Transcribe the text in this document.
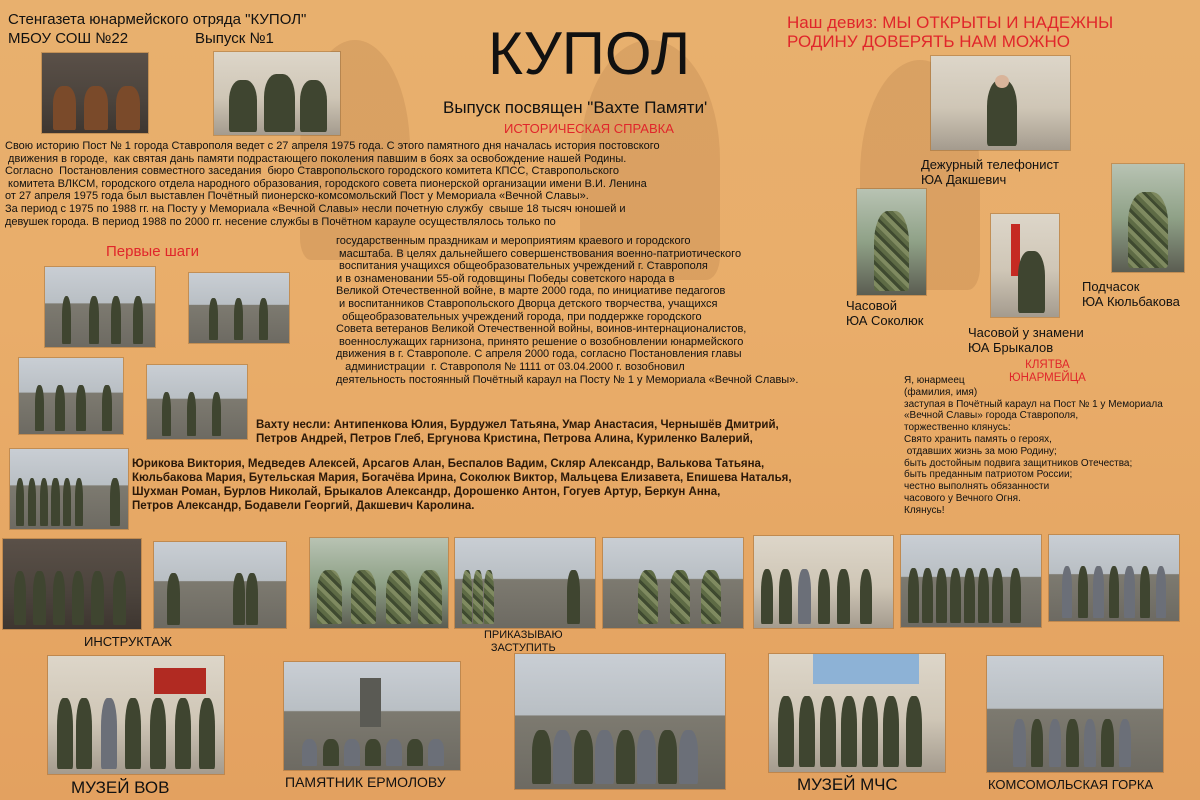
Стенгазета юнармейского отряда "КУПОЛ"
МБОУ СОШ №22	Выпуск №1	КУПОЛ	Наш девиз: МЫ ОТКРЫТЫ И НАДЕЖНЫ
РОДИНУ ДОВЕРЯТЬ НАМ МОЖНО
Выпуск посвящен "Вахте Памяти'
ИСТОРИЧЕСКАЯ СПРАВКА
Свою историю Пост № 1 города Ставрополя ведет с 27 апреля 1975 года. С этого памятного дня началась история постовского
движения в городе,  как святая дань памяти подрастающего поколения павшим в боях за освобождение нашей Родины.
Согласно  Постановления совместного заседания  бюро Ставропольского городского комитета КПСС, Ставропольского
комитета ВЛКСМ, городского отдела народного образования, городского совета пионерской организации имени В.И. Ленина
от 27 апреля 1975 года был выставлен Почётный пионерско-комсомольский Пост у Мемориала «Вечной Славы».
За период с 1975 по 1988 гг. на Посту у Мемориала «Вечной Славы» несли почетную службу  свыше 18 тысяч юношей и
девушек города. В период 1988 по 2000 гг. несение службы в Почётном карауле осуществлялось только по
государственным праздникам и мероприятиям краевого и городского
масштаба. В целях дальнейшего совершенствования военно-патриотического
воспитания учащихся общеобразовательных учреждений г. Ставрополя
и в ознаменовании 55-ой годовщины Победы советского народа в
Великой Отечественной войне, в марте 2000 года, по инициативе педагогов
и воспитанников Ставропольского Дворца детского творчества, учащихся
общеобразовательных учреждений города, при поддержке городского
Совета ветеранов Великой Отечественной войны, воинов-интернационалистов,
военнослужащих гарнизона, принято решение о возобновлении юнармейского
движения в г. Ставрополе. С апреля 2000 года, согласно Постановления главы
администрации  г. Ставрополя № 1111 от 03.04.2000 г. возобновил
деятельность постоянный Почётный караул на Посту № 1 у Мемориала «Вечной Славы».
Первые шаги
Дежурный телефонист
ЮА Дакшевич
Часовой
ЮА Соколюк
Часовой у знамени
ЮА Брыкалов
Подчасок
ЮА Кюльбакова
КЛЯТВА
ЮНАРМЕЙЦА
Я, юнармеец
(фамилия, имя)
заступая в Почётный караул на Пост № 1 у Мемориала
«Вечной Славы» города Ставрополя,
торжественно клянусь:
Свято хранить память о героях,
отдавших жизнь за мою Родину;
быть достойным подвига защитников Отечества;
быть преданным патриотом России;
честно выполнять обязанности
часового у Вечного Огня.
Клянусь!
Вахту несли: Антипенкова Юлия, Бурдужел Татьяна, Умар Анастасия, Чернышёв Дмитрий,
Петров Андрей, Петров Глеб, Ергунова Кристина, Петрова Алина, Куриленко Валерий,
Юрикова Виктория, Медведев Алексей, Арсагов Алан, Беспалов Вадим, Скляр Александр, Валькова Татьяна,
Кюльбакова Мария, Бутельская Мария, Богачёва Ирина, Соколюк Виктор, Мальцева Елизавета, Епишева Наталья,
Шухман Роман, Бурлов Николай, Брыкалов Александр, Дорошенко Антон, Гогуев Артур, Беркун Анна,
Петров Александр, Бодавели Георгий, Дакшевич Каролина.
ИНСТРУКТАЖ	ПРИКАЗЫВАЮ
ЗАСТУПИТЬ
МУЗЕЙ ВОВ	ПАМЯТНИК ЕРМОЛОВУ	МУЗЕЙ МЧС	КОМСОМОЛЬСКАЯ ГОРКА
